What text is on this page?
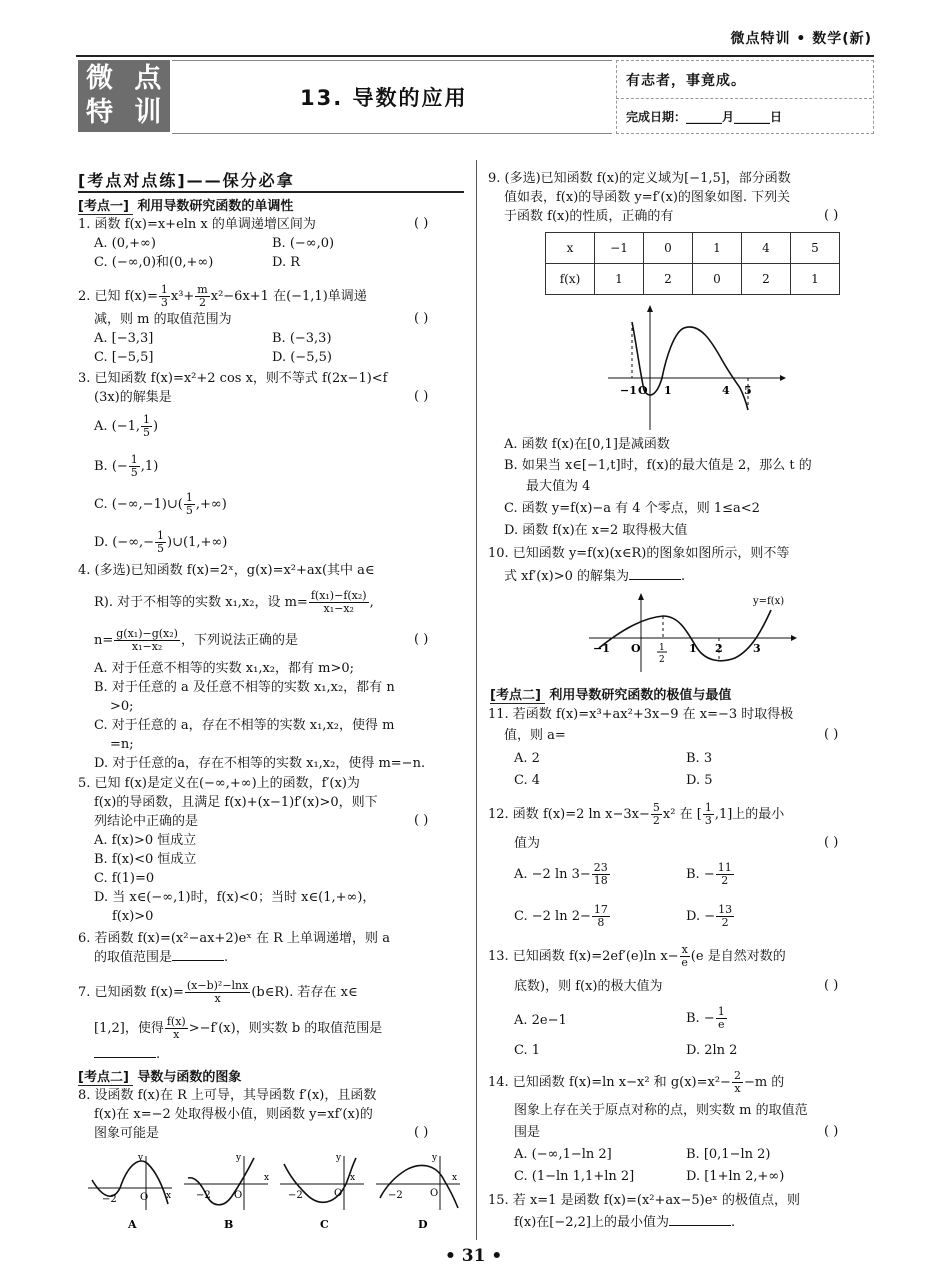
微点特训 • 数学(新)
微 点
特 训	13. 导数的应用
有志者，事竟成。
完成日期：______月______日
[考点对点练]——保分必拿
[考点一] 利用导数研究函数的单调性
1. 函数 f(x)=x+eln x 的单调递增区间为	( )
A. (0,+∞)	B. (−∞,0)
C. (−∞,0)和(0,+∞)	D. R
2. 已知 $f(x)= \frac{1}{3} x^3+ \frac{m}{2} x^2-6x+1$ 在(−1,1)单调递
减，则 m 的取值范围为	( )
A. [−3,3]	B. (−3,3)
C. [−5,5]	D. (−5,5)
3. 已知函数 f(x)=x²+2 cos x，则不等式 f(2x−1)<f
(3x)的解集是	( )
A. (−1, $\frac{1}{5}$ )
B. (− $\frac{1}{5} ,1$)
C. (−∞,−1)∪( $\frac{1}{5}$ ,+∞)
D. (−∞,− $\frac{1}{5}$ )∪(1,+∞)
4. (多选)已知函数 f(x)=2ˣ，g(x)=x²+ax(其中 a∈
R). 对于不相等的实数 x₁,x₂，设 $m= \frac{\text{f(x₁)−f(x₂)}}{\text{x₁−x₂}}$ ,
$n= \frac{\text{g(x₁)−g(x₂)}}{\text{x₁−x₂}}$ ，下列说法正确的是	( )
A. 对于任意不相等的实数 x₁,x₂，都有 m>0;
B. 对于任意的 a 及任意不相等的实数 x₁,x₂，都有 n
>0;
C. 对于任意的 a，存在不相等的实数 x₁,x₂，使得 m
=n;
D. 对于任意的a，存在不相等的实数 x₁,x₂，使得 m=−n.
5. 已知 f(x)是定义在(−∞,+∞)上的函数，f′(x)为
f(x)的导函数，且满足 f(x)+(x−1)f′(x)>0，则下
列结论中正确的是	( )
A. f(x)>0 恒成立
B. f(x)<0 恒成立
C. f(1)=0
D. 当 x∈(−∞,1)时，f(x)<0；当时 x∈(1,+∞)，
f(x)>0
6. 若函数 f(x)=(x²−ax+2)eˣ 在 R 上单调递增，则 a
的取值范围是	.
7. 已知函数 $f(x)= \frac{\text{(x−b)²−lnx}}{x}$ (b∈R). 若存在 x∈
[1,2]，使得 $\frac{f(x)}{x} >-f'(x)$，则实数 b 的取值范围是
.
[考点二] 导数与函数的图象
8. 设函数 f(x)在 R 上可导，其导函数 f′(x)，且函数
f(x)在 x=−2 处取得极小值，则函数 y=xf′(x)的
图象可能是	( )
−2 O x
y
A
−2 O
x
y
B
−2	O
x
y
C
−2	O
x
y
D
9. (多选)已知函数 f(x)的定义域为[−1,5]，部分函数
值如表，f(x)的导函数 y=f′(x)的图象如图. 下列关
于函数 f(x)的性质，正确的有	( )
x	−1	0	1	4	5
f(x)	1	2	0	2	1
−1 O 1	4 5
A. 函数 f(x)在[0,1]是减函数
B. 如果当 x∈[−1,t]时，f(x)的最大值是 2，那么 t 的
最大值为 4
C. 函数 y=f(x)−a 有 4 个零点，则 1≤a<2
D. 函数 f(x)在 x=2 取得极大值
10. 已知函数 y=f(x)(x∈R)的图象如图所示，则不等
式 xf′(x)>0 的解集为	.
−1 O 1
2
1 2	3
y=f(x)
[考点二] 利用导数研究函数的极值与最值
11. 若函数 f(x)=x³+ax²+3x−9 在 x=−3 时取得极
值，则 a=	( )
A. 2	B. 3
C. 4	D. 5
12. 函数 f(x)=2 $\ln x-3x- \frac{5}{2} x^2$ 在 [ $\frac{1}{3} ,1$]上的最小
值为	( )
A. −2 $\ln 3- \frac{23}{18}$	B. − $\frac{11}{2}$
C. −2 $\ln 2- \frac{17}{8}$	D. − $\frac{13}{2}$
13. 已知函数 f(x)=2ef′(e)ln $x- \frac{x}{e} (e$ 是自然对数的
底数)，则 f(x)的极大值为	( )
A. 2e−1	B. − $\frac{1}{e}$
C. 1	D. 2ln 2
14. 已知函数 f(x)=ln x−x² 和 $g(x)=x^2- \frac{2}{x} -m$ 的
图象上存在关于原点对称的点，则实数 m 的取值范
围是	( )
A. (−∞,1−ln 2]	B. [0,1−ln 2)
C. (1−ln 1,1+ln 2]	D. [1+ln 2,+∞)
15. 若 x=1 是函数 f(x)=(x²+ax−5)eˣ 的极值点，则
f(x)在[−2,2]上的最小值为	.
• 31 •
